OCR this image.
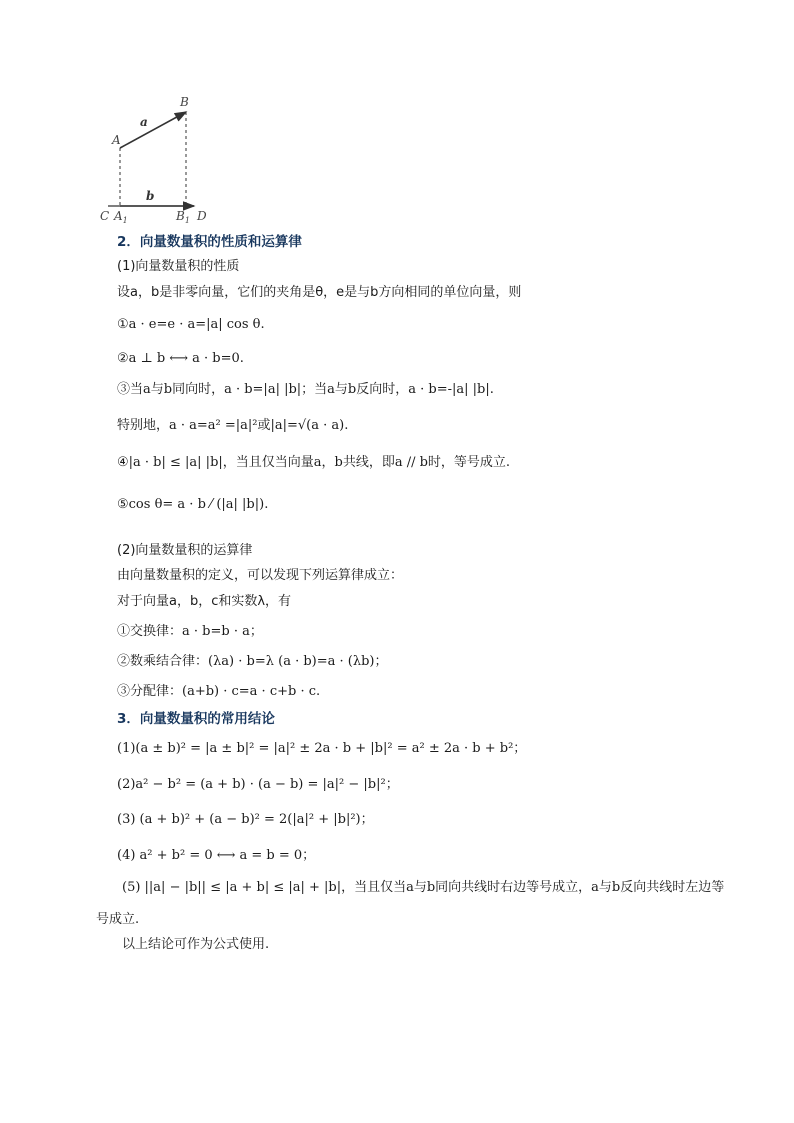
A
B
a
b
C $A_1$	$B_1$ D
2．向量数量积的性质和运算律
(1)向量数量积的性质
设a，b是非零向量，它们的夹角是θ，e是与b方向相同的单位向量，则
①a · e=e · a=|a| cos θ.
②a ⊥ b ⟷ a · b=0.
③当a与b同向时，a · b=|a| |b|；当a与b反向时，a · b=-|a| |b|.
特别地，a · a=a² =|a|²或|a|=√(a · a).
④|a · b| ≤ |a| |b|，当且仅当向量a，b共线，即a // b时，等号成立.
⑤cos θ= a · b ⁄ (|a| |b|).
(2)向量数量积的运算律
由向量数量积的定义，可以发现下列运算律成立：
对于向量a，b，c和实数λ，有
①交换律：a · b=b · a；
②数乘结合律：(λa) · b=λ (a · b)=a · (λb)；
③分配律：(a+b) · c=a · c+b · c.
3．向量数量积的常用结论
(1)(a ± b)² = |a ± b|² = |a|² ± 2a · b + |b|² = a² ± 2a · b + b²；
(2)a² − b² = (a + b) · (a − b) = |a|² − |b|²；
(3) (a + b)² + (a − b)² = 2(|a|² + |b|²)；
(4) a² + b² = 0 ⟷ a = b = 0；
(5) ||a| − |b|| ≤ |a + b| ≤ |a| + |b|，当且仅当a与b同向共线时右边等号成立，a与b反向共线时左边等
号成立.
以上结论可作为公式使用.
